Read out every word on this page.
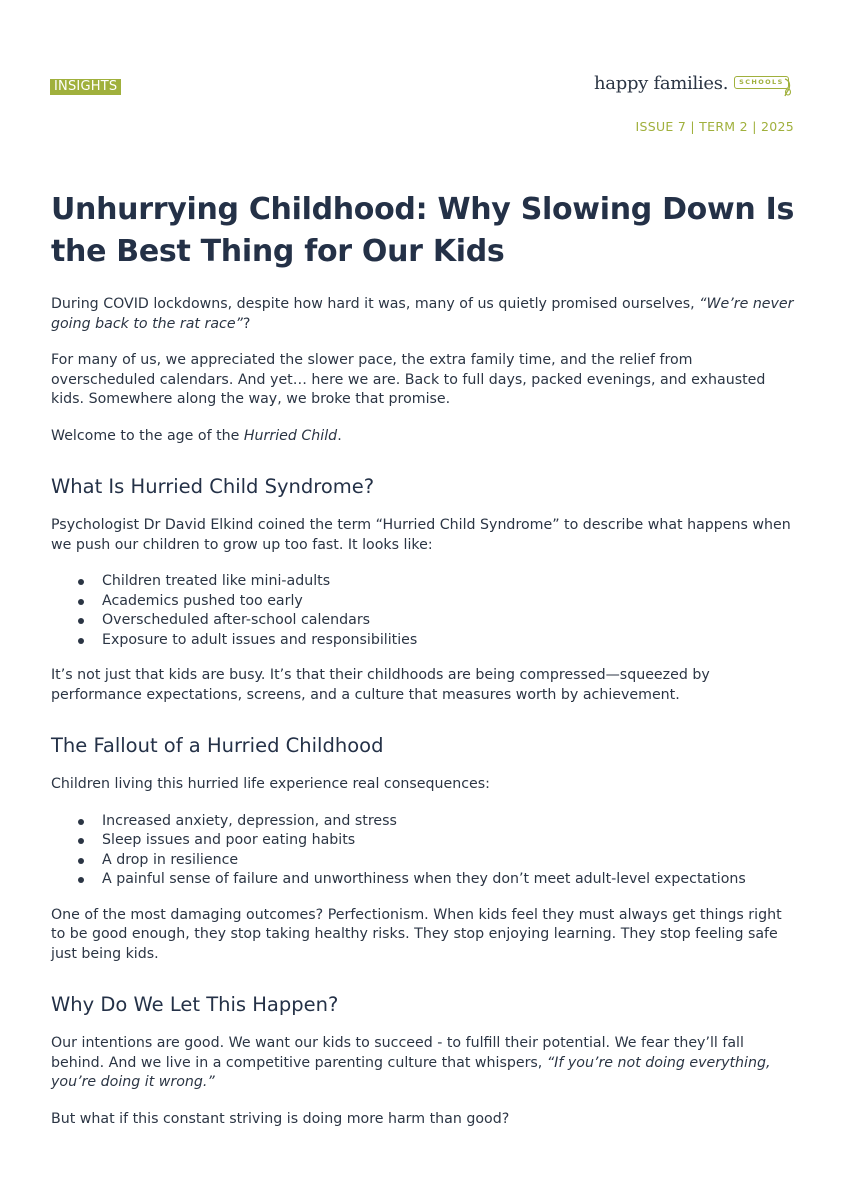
INSIGHTS	happy families.	SCHOOLS
ISSUE 7 | TERM 2 | 2025
Unhurrying Childhood: Why Slowing Down Is the Best Thing for Our Kids

During COVID lockdowns, despite how hard it was, many of us quietly promised ourselves, “We’re never going back to the rat race”?

For many of us, we appreciated the slower pace, the extra family time, and the relief from overscheduled calendars. And yet… here we are. Back to full days, packed evenings, and exhausted kids. Somewhere along the way, we broke that promise.

Welcome to the age of the Hurried Child.

What Is Hurried Child Syndrome?

Psychologist Dr David Elkind coined the term “Hurried Child Syndrome” to describe what happens when we push our children to grow up too fast. It looks like:

Children treated like mini-adults
Academics pushed too early
Overscheduled after-school calendars
Exposure to adult issues and responsibilities

It’s not just that kids are busy. It’s that their childhoods are being compressed—squeezed by performance expectations, screens, and a culture that measures worth by achievement.

The Fallout of a Hurried Childhood

Children living this hurried life experience real consequences:

Increased anxiety, depression, and stress
Sleep issues and poor eating habits
A drop in resilience
A painful sense of failure and unworthiness when they don’t meet adult-level expectations

One of the most damaging outcomes? Perfectionism. When kids feel they must always get things right to be good enough, they stop taking healthy risks. They stop enjoying learning. They stop feeling safe just being kids.

Why Do We Let This Happen?

Our intentions are good. We want our kids to succeed - to fulfill their potential. We fear they’ll fall behind. And we live in a competitive parenting culture that whispers, “If you’re not doing everything, you’re doing it wrong.”

But what if this constant striving is doing more harm than good?
